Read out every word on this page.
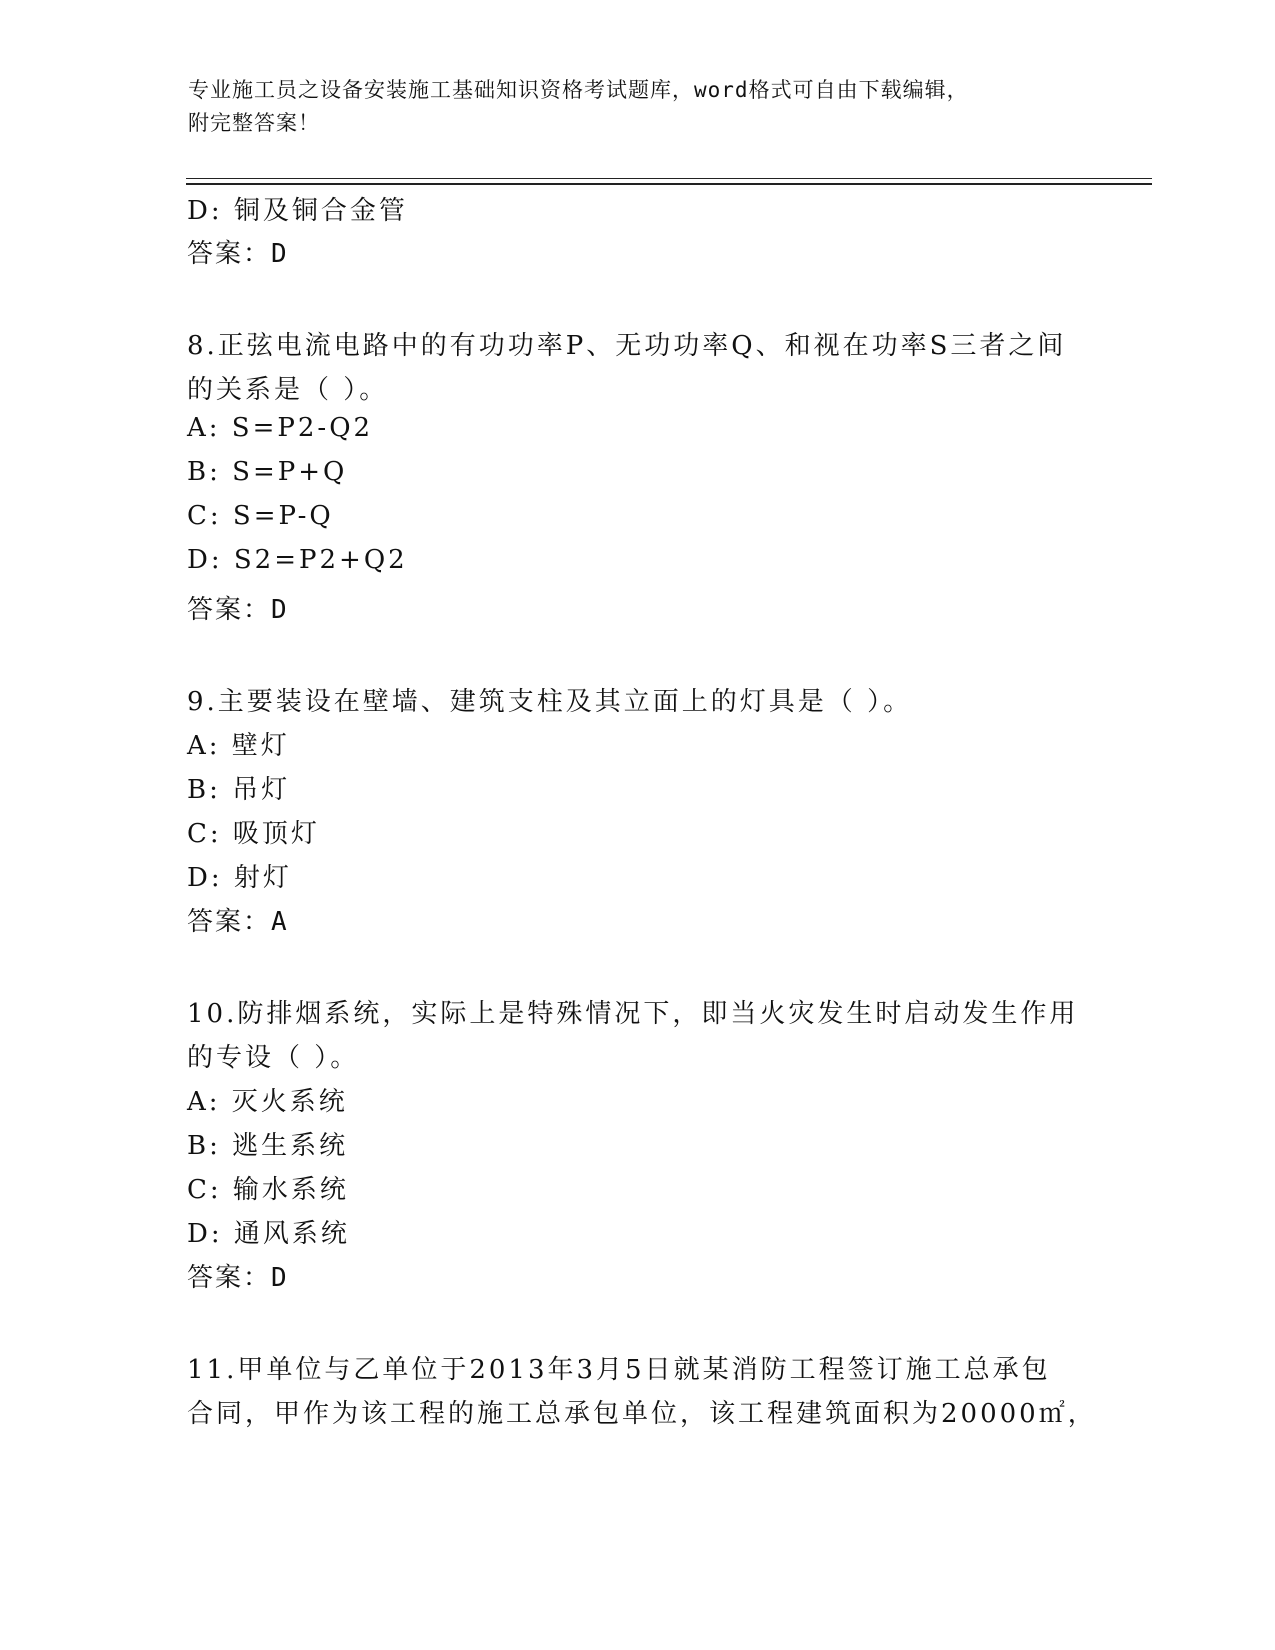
专业施工员之设备安装施工基础知识资格考试题库，word格式可自由下载编辑，
附完整答案！
D: 铜及铜合金管
答案：D
8.正弦电流电路中的有功功率P、无功功率Q、和视在功率S三者之间
的关系是（ ）。
A: S=P2-Q2
B: S=P+Q
C: S=P-Q
D: S2=P2+Q2
答案：D
9.主要装设在壁墙、建筑支柱及其立面上的灯具是（ ）。
A: 壁灯
B: 吊灯
C: 吸顶灯
D: 射灯
答案：A
10.防排烟系统，实际上是特殊情况下，即当火灾发生时启动发生作用
的专设（ ）。
A: 灭火系统
B: 逃生系统
C: 输水系统
D: 通风系统
答案：D
11.甲单位与乙单位于2013年3月5日就某消防工程签订施工总承包
合同，甲作为该工程的施工总承包单位，该工程建筑面积为20000㎡，
